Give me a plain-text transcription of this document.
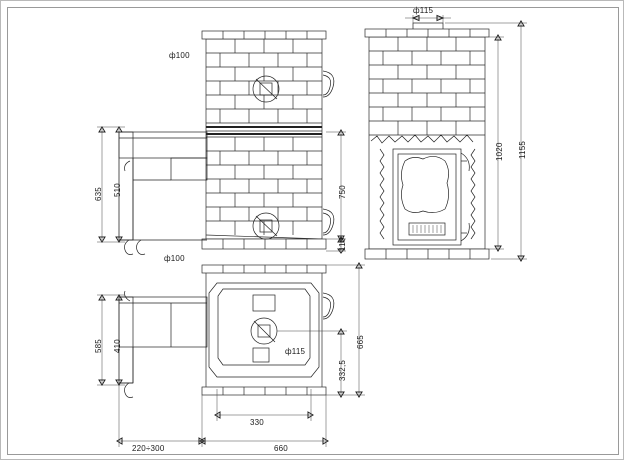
ф100
ф100
635 510	750
110
ф115
1020 1155
585 410	ф115
665
332,5
330
660
220÷300
